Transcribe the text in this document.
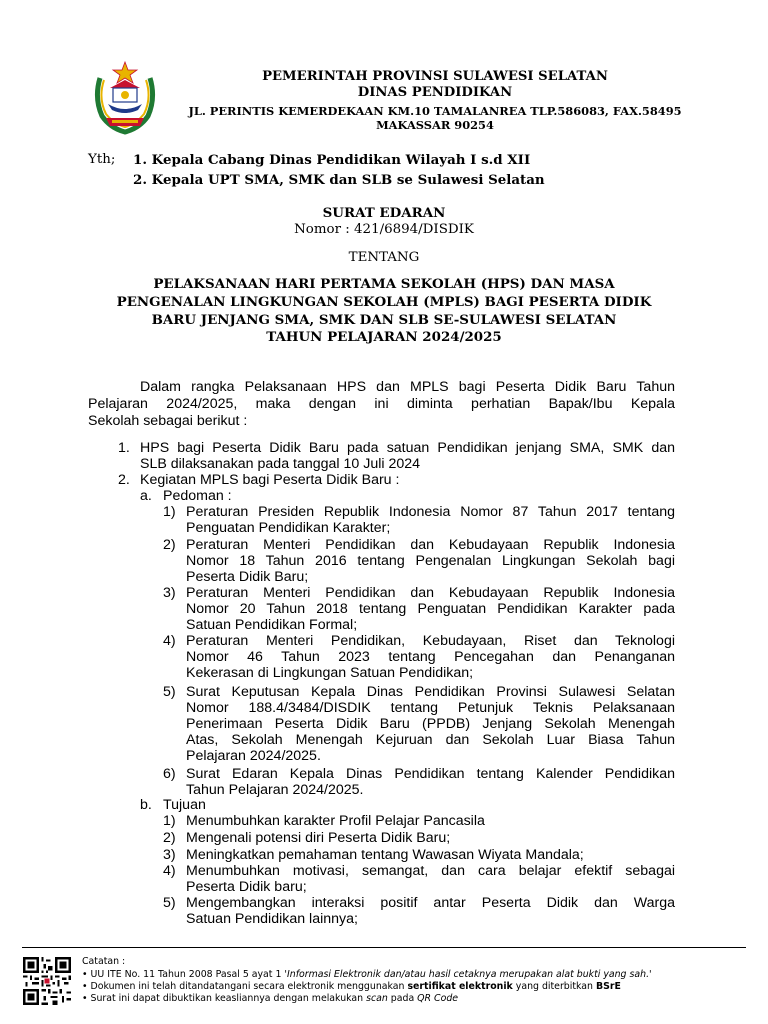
PEMERINTAH PROVINSI SULAWESI SELATAN
DINAS PENDIDIKAN
JL. PERINTIS KEMERDEKAAN KM.10 TAMALANREA TLP.586083, FAX.58495
MAKASSAR 90254
Yth; 1. Kepala Cabang Dinas Pendidikan Wilayah I s.d XII
2. Kepala UPT SMA, SMK dan SLB se Sulawesi Selatan
SURAT EDARAN
Nomor : 421/6894/DISDIK
TENTANG
PELAKSANAAN HARI PERTAMA SEKOLAH (HPS) DAN MASA
PENGENALAN LINGKUNGAN SEKOLAH (MPLS) BAGI PESERTA DIDIK
BARU JENJANG SMA, SMK DAN SLB SE-SULAWESI SELATAN
TAHUN PELAJARAN 2024/2025
Dalam rangka Pelaksanaan HPS dan MPLS bagi Peserta Didik Baru Tahun
Pelajaran 2024/2025, maka dengan ini diminta perhatian Bapak/Ibu Kepala
Sekolah sebagai berikut :
1. HPS bagi Peserta Didik Baru pada satuan Pendidikan jenjang SMA, SMK dan
SLB dilaksanakan pada tanggal 10 Juli 2024
2. Kegiatan MPLS bagi Peserta Didik Baru :
a. Pedoman :
1) Peraturan Presiden Republik Indonesia Nomor 87 Tahun 2017 tentang
Penguatan Pendidikan Karakter;
2) Peraturan Menteri Pendidikan dan Kebudayaan Republik Indonesia
Nomor 18 Tahun 2016 tentang Pengenalan Lingkungan Sekolah bagi
Peserta Didik Baru;
3) Peraturan Menteri Pendidikan dan Kebudayaan Republik Indonesia
Nomor 20 Tahun 2018 tentang Penguatan Pendidikan Karakter pada
Satuan Pendidikan Formal;
4) Peraturan Menteri Pendidikan, Kebudayaan, Riset dan Teknologi
Nomor 46 Tahun 2023 tentang Pencegahan dan Penanganan
Kekerasan di Lingkungan Satuan Pendidikan;
5) Surat Keputusan Kepala Dinas Pendidikan Provinsi Sulawesi Selatan
Nomor 188.4/3484/DISDIK tentang Petunjuk Teknis Pelaksanaan
Penerimaan Peserta Didik Baru (PPDB) Jenjang Sekolah Menengah
Atas, Sekolah Menengah Kejuruan dan Sekolah Luar Biasa Tahun
Pelajaran 2024/2025.
6) Surat Edaran Kepala Dinas Pendidikan tentang Kalender Pendidikan
Tahun Pelajaran 2024/2025.
b. Tujuan
1) Menumbuhkan karakter Profil Pelajar Pancasila
2) Mengenali potensi diri Peserta Didik Baru;
3) Meningkatkan pemahaman tentang Wawasan Wiyata Mandala;
4) Menumbuhkan motivasi, semangat, dan cara belajar efektif sebagai
Peserta Didik baru;
5) Mengembangkan interaksi positif antar Peserta Didik dan Warga
Satuan Pendidikan lainnya;
Catatan :
• UU ITE No. 11 Tahun 2008 Pasal 5 ayat 1 'Informasi Elektronik dan/atau hasil cetaknya merupakan alat bukti yang sah.'
• Dokumen ini telah ditandatangani secara elektronik menggunakan sertifikat elektronik yang diterbitkan BSrE
• Surat ini dapat dibuktikan keasliannya dengan melakukan scan pada QR Code
